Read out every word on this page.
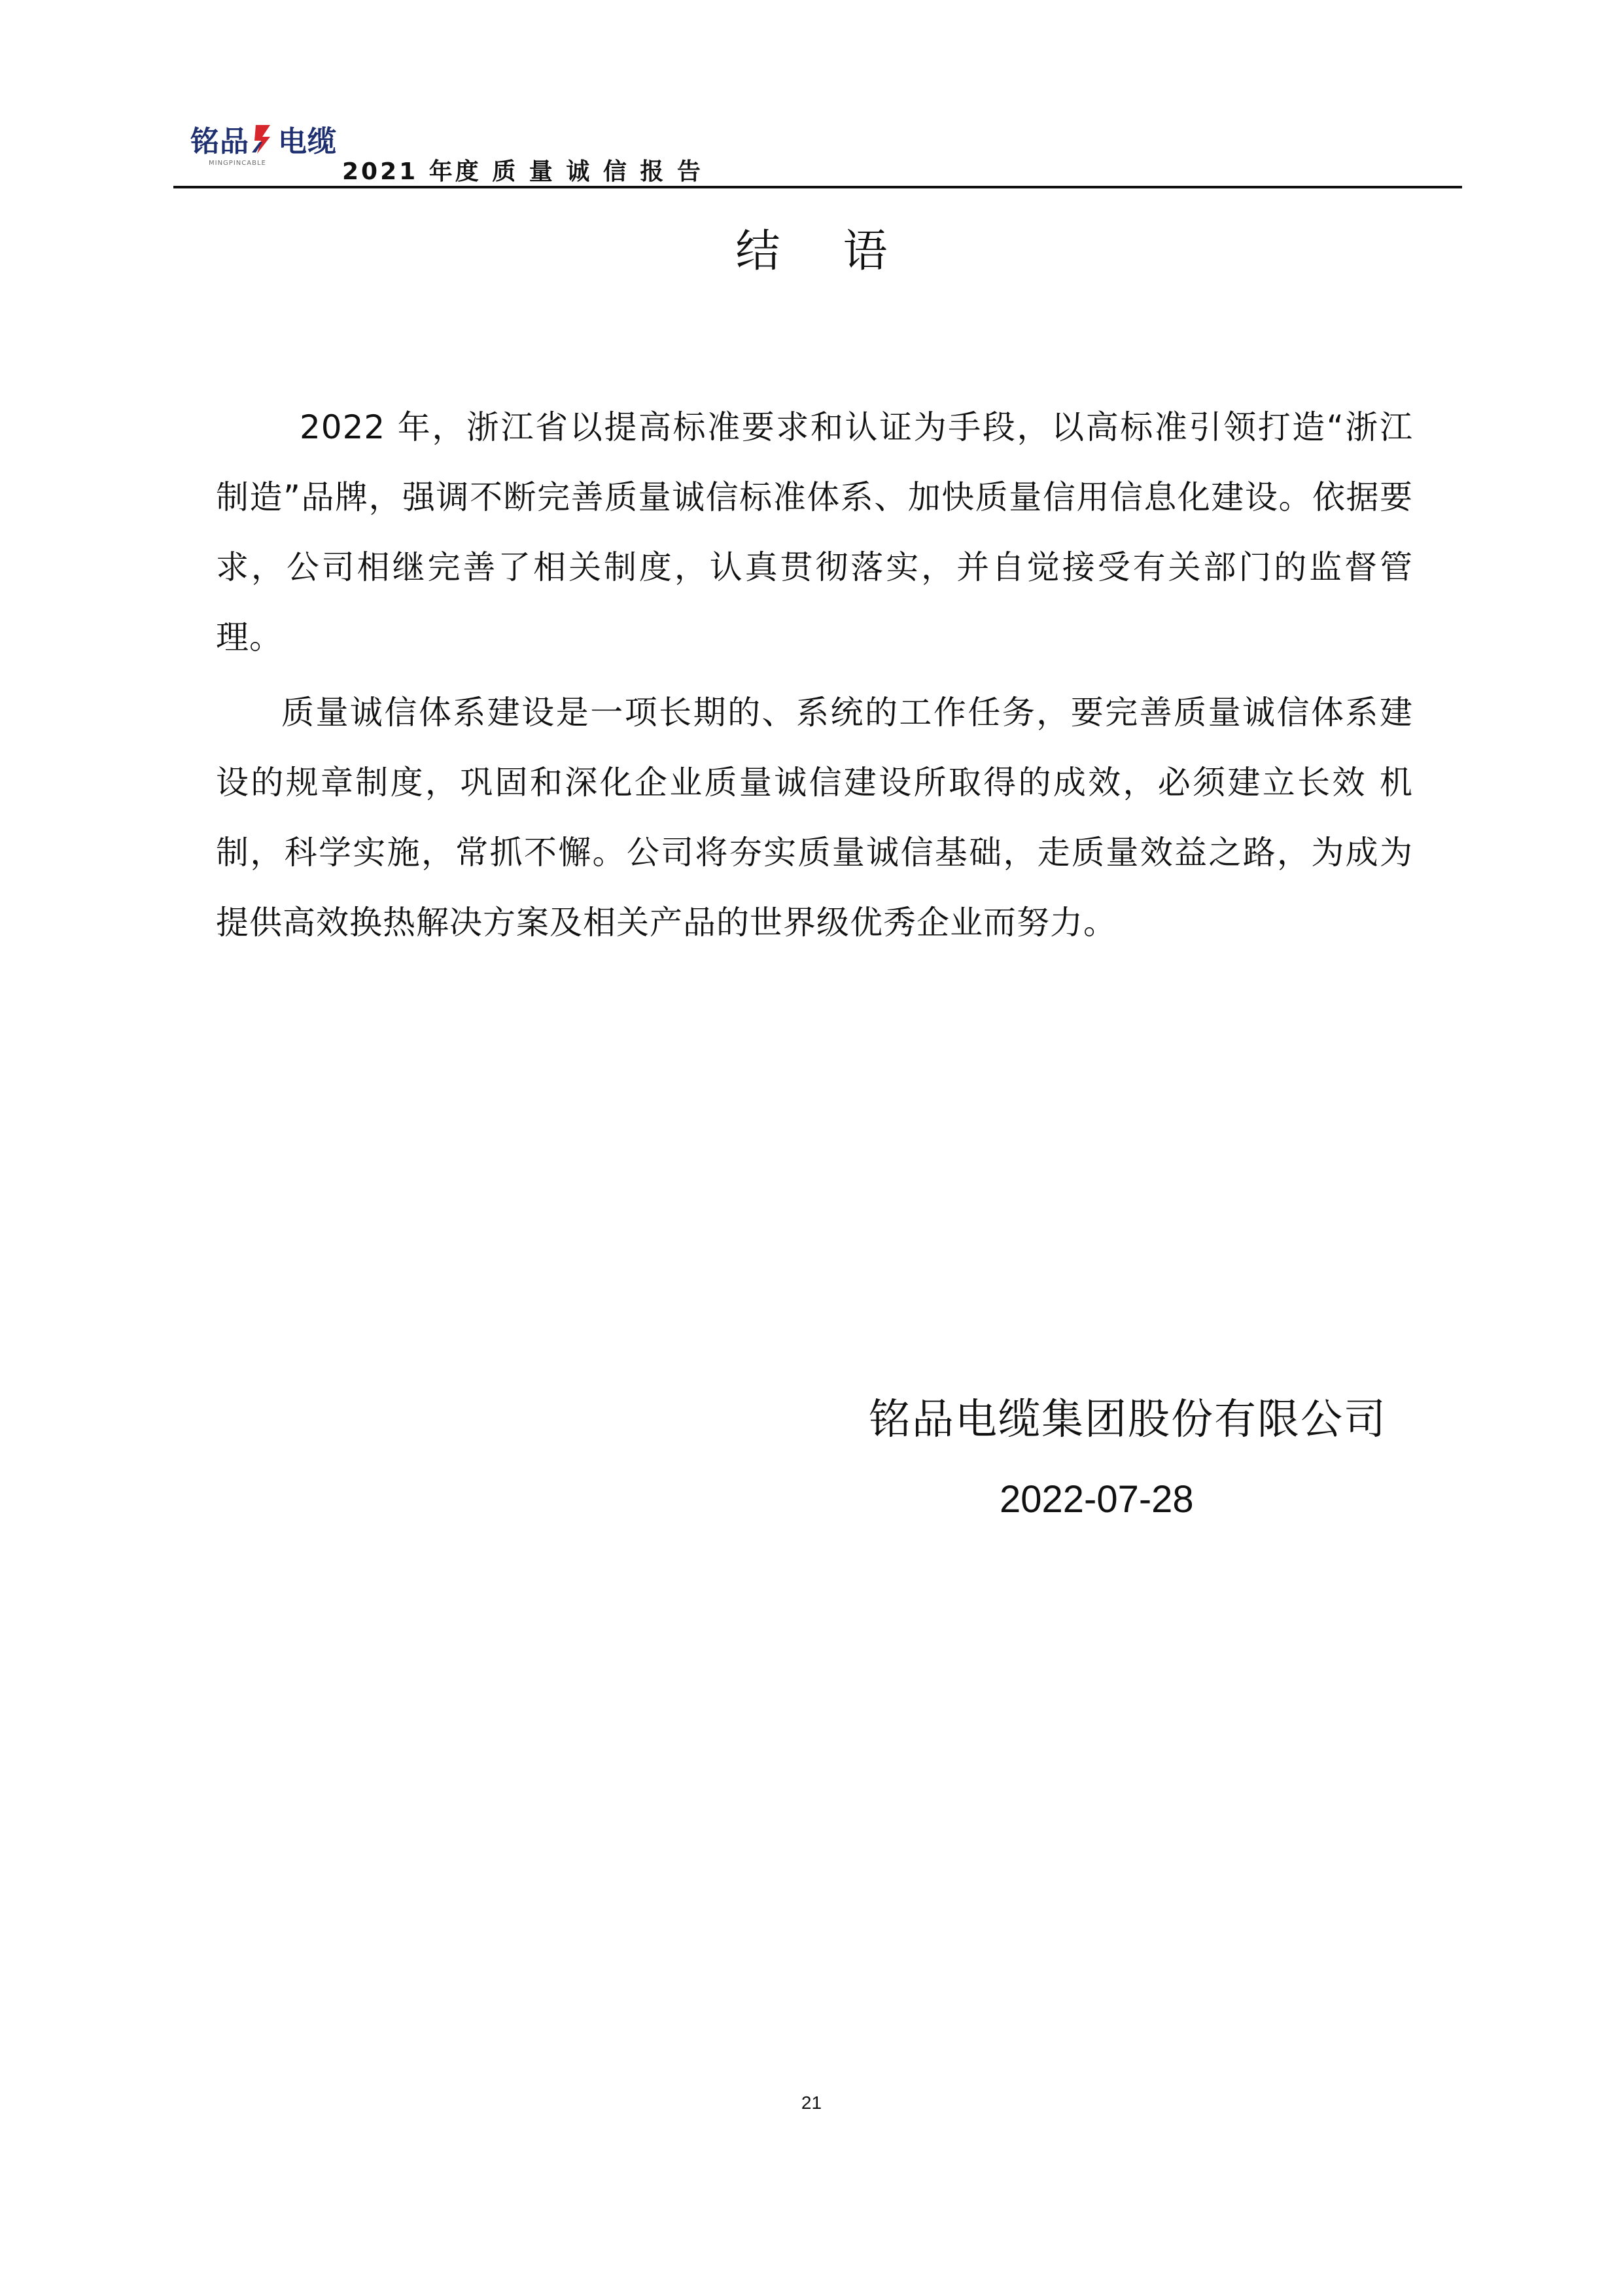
铭品 电缆
MINGPINCABLE	2021 年度 质 量 诚 信 报 告
结语

2022 年，浙江省以提高标准要求和认证为手段，以高标准引领打造“浙江制造”品牌，强调不断完善质量诚信标准体系、加快质量信用信息化建设。依据要求，公司相继完善了相关制度，认真贯彻落实，并自觉接受有关部门的监督管理。

质量诚信体系建设是一项长期的、系统的工作任务，要完善质量诚信体系建设的规章制度，巩固和深化企业质量诚信建设所取得的成效，必须建立长效 机制，科学实施，常抓不懈。公司将夯实质量诚信基础，走质量效益之路，为成为提供高效换热解决方案及相关产品的世界级优秀企业而努力。

铭品电缆集团股份有限公司
2022-07-28
21
